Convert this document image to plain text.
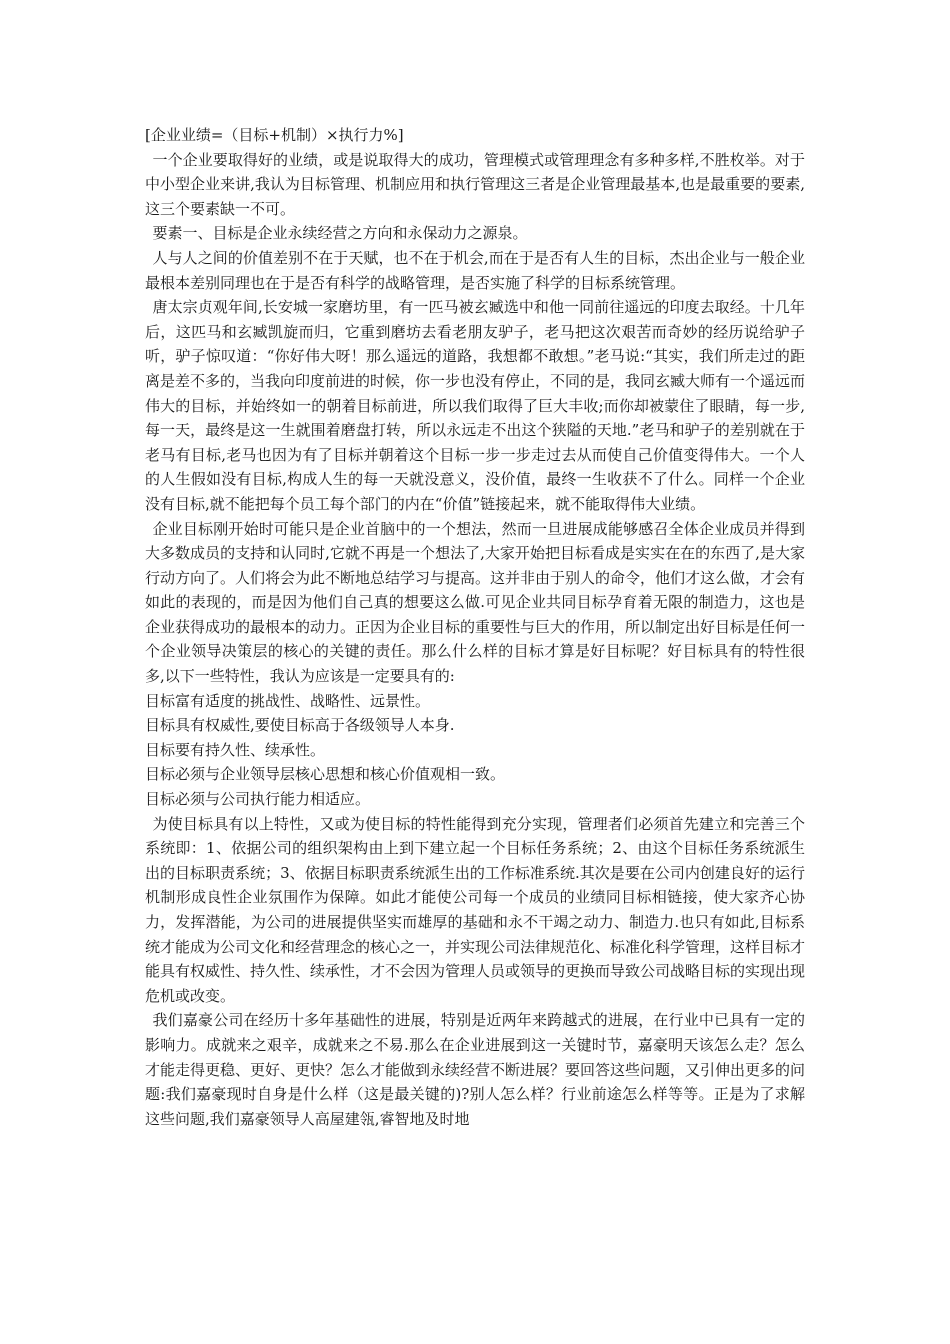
[企业业绩=（目标+机制）×执行力%]

一个企业要取得好的业绩，或是说取得大的成功，管理模式或管理理念有多种多样,不胜枚举。对于中小型企业来讲,我认为目标管理、机制应用和执行管理这三者是企业管理最基本,也是最重要的要素,这三个要素缺一不可。

要素一、目标是企业永续经营之方向和永保动力之源泉。

人与人之间的价值差别不在于天赋，也不在于机会,而在于是否有人生的目标，杰出企业与一般企业最根本差别同理也在于是否有科学的战略管理，是否实施了科学的目标系统管理。

唐太宗贞观年间,长安城一家磨坊里，有一匹马被玄臧选中和他一同前往遥远的印度去取经。十几年后，这匹马和玄臧凯旋而归，它重到磨坊去看老朋友驴子，老马把这次艰苦而奇妙的经历说给驴子听，驴子惊叹道：“你好伟大呀！那么遥远的道路，我想都不敢想。”老马说:“其实，我们所走过的距离是差不多的，当我向印度前进的时候，你一步也没有停止，不同的是，我同玄臧大师有一个遥远而伟大的目标，并始终如一的朝着目标前进，所以我们取得了巨大丰收;而你却被蒙住了眼睛，每一步,每一天，最终是这一生就围着磨盘打转，所以永远走不出这个狭隘的天地.”老马和驴子的差别就在于老马有目标,老马也因为有了目标并朝着这个目标一步一步走过去从而使自己价值变得伟大。一个人的人生假如没有目标,构成人生的每一天就没意义，没价值，最终一生收获不了什么。同样一个企业没有目标,就不能把每个员工每个部门的内在“价值”链接起来，就不能取得伟大业绩。

企业目标刚开始时可能只是企业首脑中的一个想法，然而一旦进展成能够感召全体企业成员并得到大多数成员的支持和认同时,它就不再是一个想法了,大家开始把目标看成是实实在在的东西了,是大家行动方向了。人们将会为此不断地总结学习与提高。这并非由于别人的命令，他们才这么做，才会有如此的表现的，而是因为他们自己真的想要这么做.可见企业共同目标孕育着无限的制造力，这也是企业获得成功的最根本的动力。正因为企业目标的重要性与巨大的作用，所以制定出好目标是任何一个企业领导决策层的核心的关键的责任。那么什么样的目标才算是好目标呢？好目标具有的特性很多,以下一些特性，我认为应该是一定要具有的:

目标富有适度的挑战性、战略性、远景性。

目标具有权威性,要使目标高于各级领导人本身.

目标要有持久性、续承性。

目标必须与企业领导层核心思想和核心价值观相一致。

目标必须与公司执行能力相适应。

为使目标具有以上特性，又或为使目标的特性能得到充分实现，管理者们必须首先建立和完善三个系统即：1、依据公司的组织架构由上到下建立起一个目标任务系统；2、由这个目标任务系统派生出的目标职责系统；3、依据目标职责系统派生出的工作标准系统.其次是要在公司内创建良好的运行机制形成良性企业氛围作为保障。如此才能使公司每一个成员的业绩同目标相链接，使大家齐心协力，发挥潜能，为公司的进展提供坚实而雄厚的基础和永不干竭之动力、制造力.也只有如此,目标系统才能成为公司文化和经营理念的核心之一，并实现公司法律规范化、标准化科学管理，这样目标才能具有权威性、持久性、续承性，才不会因为管理人员或领导的更换而导致公司战略目标的实现出现危机或改变。

我们嘉豪公司在经历十多年基础性的进展，特别是近两年来跨越式的进展，在行业中已具有一定的影响力。成就来之艰辛，成就来之不易.那么在企业进展到这一关键时节，嘉豪明天该怎么走？怎么才能走得更稳、更好、更快？怎么才能做到永续经营不断进展？要回答这些问题，又引伸出更多的问题:我们嘉豪现时自身是什么样（这是最关键的)?别人怎么样？行业前途怎么样等等。正是为了求解这些问题,我们嘉豪领导人高屋建瓴,睿智地及时地
